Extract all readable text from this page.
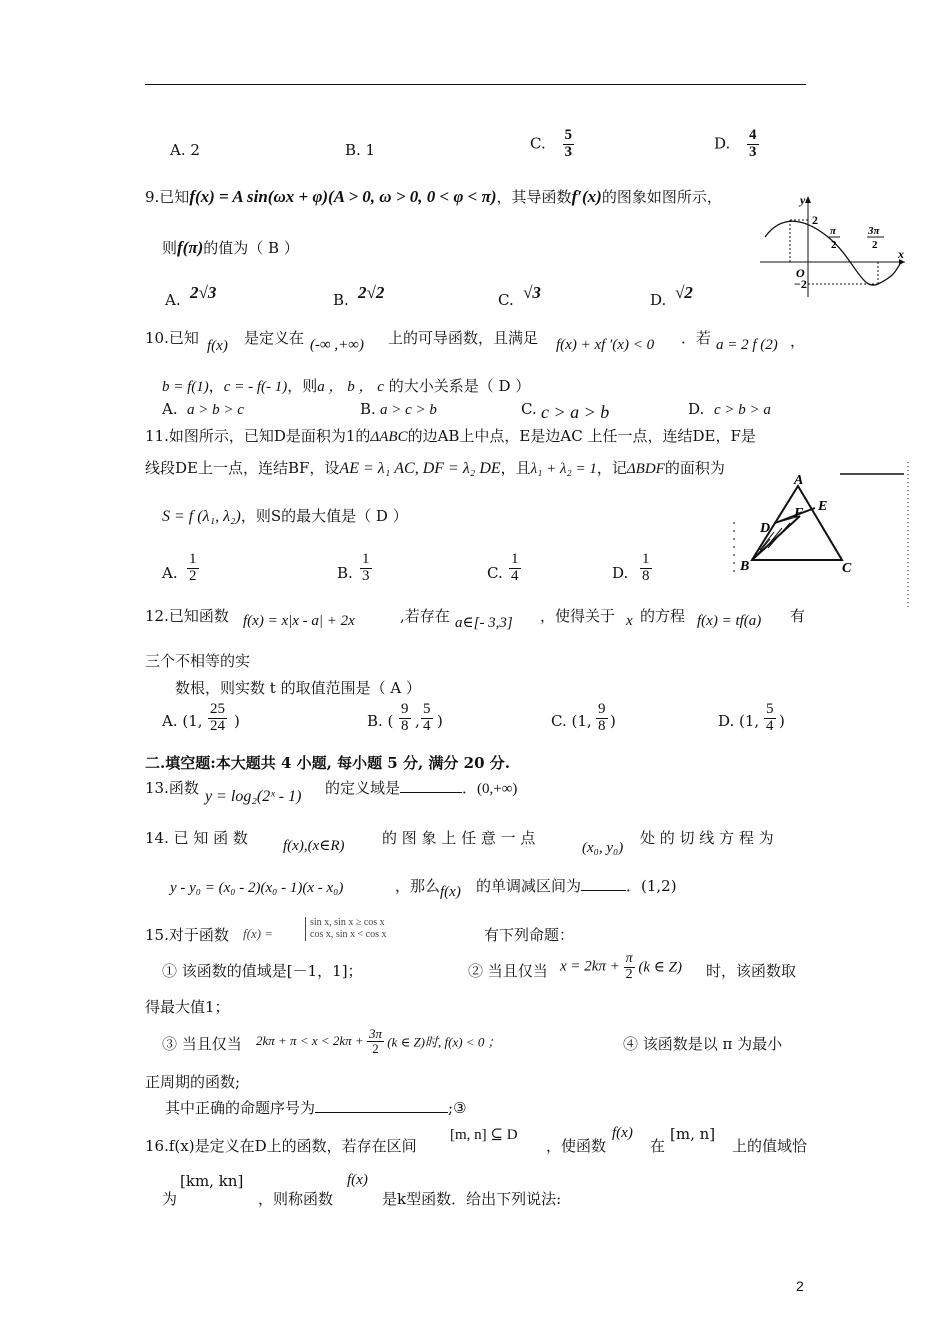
A. 2	B. 1	C. $\frac{5}{3}$	D. $\frac{4}{3}$
9.已知f(x) = A sin(ωx + φ)(A > 0, ω > 0, 0 < φ < π)，其导函数f′(x)的图象如图所示，
则f(π)的值为（ B ）
A. 2√3	B. 2√2	C. √3	D. √2
y
2
−2
O
x
π
2
3π
2
10.已知 f(x) 是定义在 (-∞ ,+∞) 上的可导函数，且满足 f(x) + xf ′(x) < 0 ．若 a = 2 f (2) ，
b = f(1)，c = - f(- 1)，则a ， b ， c 的大小关系是（ D ）
A. a > b > c	B. a > c > b	C. c > a > b	D. c > b > a
11.如图所示，已知D是面积为1的ΔABC的边AB上中点，E是边AC 上任一点，连结DE，F是
线段DE上一点，连结BF，设AE = λ₁ AC, DF = λ₂ DE，且λ₁ + λ₂ = 1，记ΔBDF的面积为
S = f (λ₁, λ₂)，则S的最大值是（ D ）
A. $\frac{1}{2}$	B. $\frac{1}{3}$	C. $\frac{1}{4}$	D. $\frac{1}{8}$
A
B	C
D
E
F
12.已知函数 f(x) = x|x - a| + 2x	,若存在 a∈[- 3,3] ，使得关于 x 的方程 f(x) = tf(a) 有
三个不相等的实
数根，则实数 t 的取值范围是（ A ）
A. (1, $\frac{25}{24}$ )	B. ( $\frac{9}{8}$ , $\frac{5}{4}$ )	C. (1, $\frac{9}{8}$ )	D. (1, $\frac{5}{4}$ )
二.填空题:本大题共 4 小题, 每小题 5 分, 满分 20 分.
13.函数 y = log₂(2ˣ - 1) 的定义域是	．(0,+∞)
14. 已 知 函 数 f(x),(x∈R)	的 图 象 上 任 意 一 点
(x₀, y₀)
处 的 切 线 方 程 为
y - y₀ = (x₀ - 2)(x₀ - 1)(x - x₀)	，那么 f(x) 的单调减区间为	．(1,2)
15.对于函数 f(x) =
sin x, sin x ≥ cos x
cos x, sin x < cos x	有下列命题：
① 该函数的值域是[－1，1]；	② 当且仅当 $x = 2k\pi + \frac{\pi}{2} (k$ ∈ Z) 时，该函数取
得最大值1；
③ 当且仅当 $2k\pi + \pi < x < 2k\pi + \frac{3\pi}{2} (k$ ∈ Z)时, f(x) < 0 ；	④ 该函数是以 π 为最小
正周期的函数;
其中正确的命题序号为	;③
16.f(x)是定义在D上的函数，若存在区间
[m, n] ⊆ D
，使函数
f(x)
在
[m, n]
上的值域恰
为
[km, kn]
，则称函数
f(x)
是k型函数．给出下列说法:
2
